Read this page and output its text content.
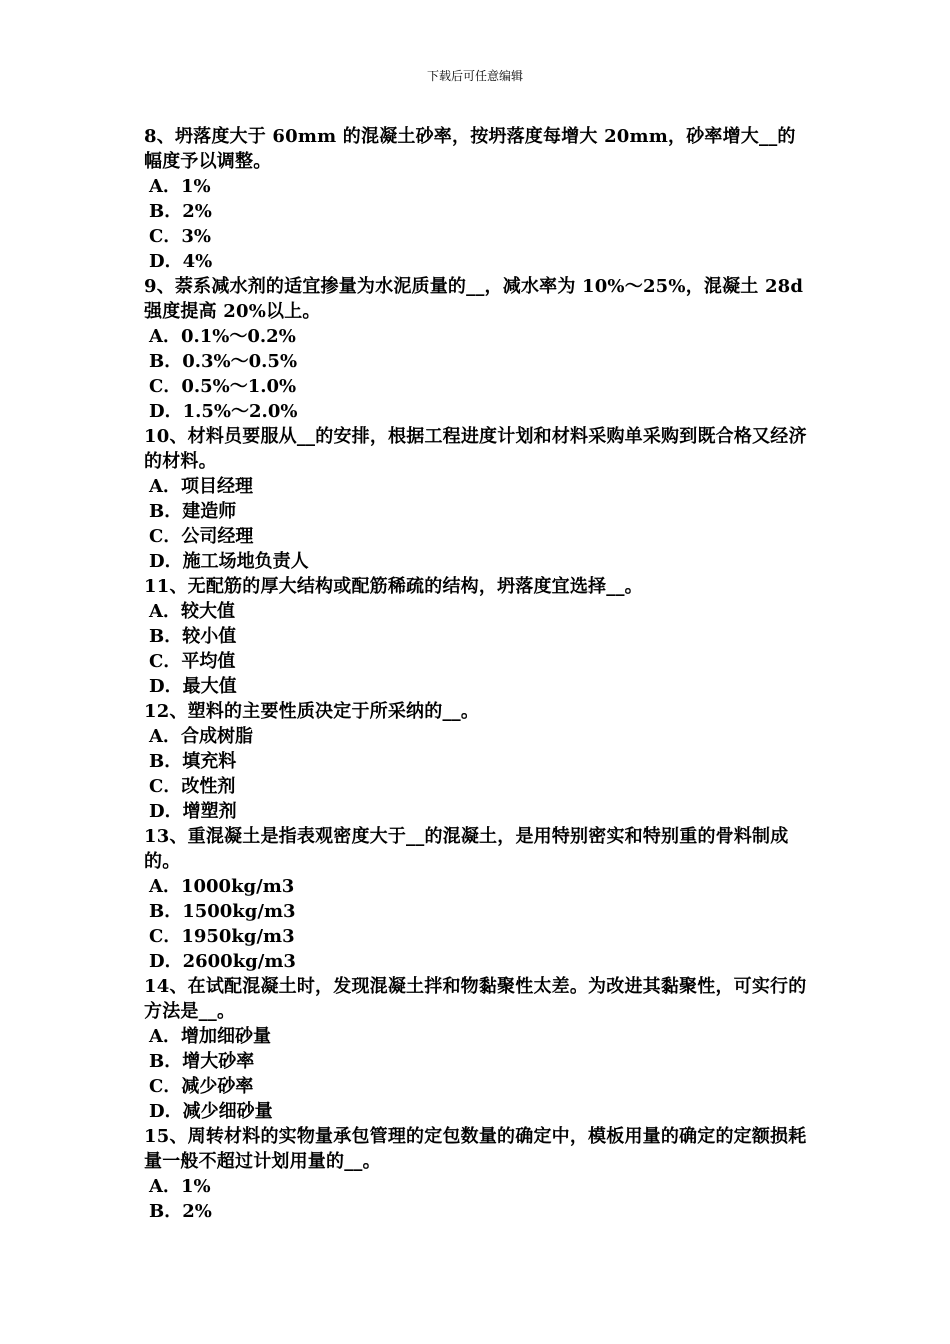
下载后可任意编辑
8、坍落度大于 60mm 的混凝土砂率，按坍落度每增大 20mm，砂率增大__的幅度予以调整。
A．1%
B．2%
C．3%
D．4%
9、萘系减水剂的适宜掺量为水泥质量的__，减水率为 10%～25%，混凝土 28d 强度提高 20%以上。
A．0.1%～0.2%
B．0.3%～0.5%
C．0.5%～1.0%
D．1.5%～2.0%
10、材料员要服从__的安排，根据工程进度计划和材料采购单采购到既合格又经济的材料。
A．项目经理
B．建造师
C．公司经理
D．施工场地负责人
11、无配筋的厚大结构或配筋稀疏的结构，坍落度宜选择__。
A．较大值
B．较小值
C．平均值
D．最大值
12、塑料的主要性质决定于所采纳的__。
A．合成树脂
B．填充料
C．改性剂
D．增塑剂
13、重混凝土是指表观密度大于__的混凝土，是用特别密实和特别重的骨料制成的。
A．1000kg/m3
B．1500kg/m3
C．1950kg/m3
D．2600kg/m3
14、在试配混凝土时，发现混凝土拌和物黏聚性太差。为改进其黏聚性，可实行的方法是__。
A．增加细砂量
B．增大砂率
C．减少砂率
D．减少细砂量
15、周转材料的实物量承包管理的定包数量的确定中，模板用量的确定的定额损耗量一般不超过计划用量的__。
A．1%
B．2%
